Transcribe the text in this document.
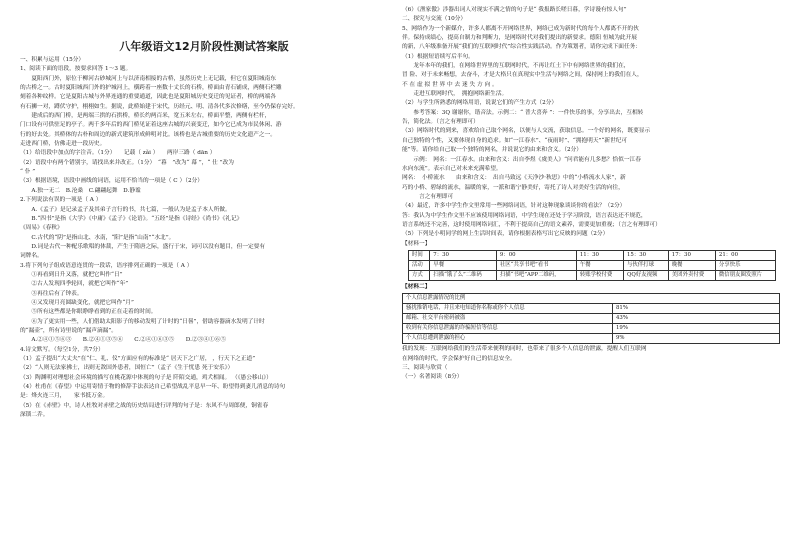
八年级语文12月阶段性测试答案版
一、积累与运用（15分）
1、阅读下面的语段，按要求回答 1～3 题。
　　夏阳西门外，原位于柳河古砂城河上与以济南相接的古桥，虽然历史上无记载，但它在夏阳城南东
的古桥之一。古时夏阳城西门外的护城河上，横跨着一座数十丈长的石桥，桥面由青石铺成，两侧石栏雕
刻着各种纹样。它是夏阳古城与外界连通的重要通道，因此也是夏阳城历史变迁的见证者，桥的两端各
有石狮一对，蹲伏守护，栩栩如生。据说，此桥始建于宋代，历经元、明、清各代多次修缮，至今仍保存完好。
　　建成后的西门桥，是两端三拱的石拱桥，桥长约两百米，宽五米左右，桥面平整，两侧有栏杆，
门口设有可供驻足的亭子。两千多年后的西门桥见证着这座古城的兴衰变迁，如今它已成为市民休闲、游
行的好去处。其桥体的古朴和周边的新式建筑形成鲜明对比。该桥也是古城重要的历史文化遗产之一。
走进西门桥，仿佛走进一段历史。
（1）给语段中加点的字注音。（1分）　　记载（ zǎi ）　　两岸三路（ dān ）
（2）语段中有两个错别字，请找出来并改正。（1分）　“暮　”改为“ 幕 ”，“ 仕 ”改为
“ 仆 ”
（3）根据语境，语段中画线的词语，运用不恰当的一项是（ C ）（2分）
　　A.独一无二　B.沧桑　C.翩翩起舞　D.静谧
2.下列说法有误的一项是（ A ）
　　A.《孟子》是记录孟子及其弟子言行的书，共七篇，一般认为是孟子本人所做。
　　B.“四书”是指《大学》《中庸》《孟子》《论语》。“五经”是指《诗经》《尚书》《礼记》
《周易》《春秋》
　　C.古代的“阴”是指山北、水南，“阳”是指“山南”“水北”。
　　D.词是古代一种配乐歌唱的体裁，产生于隋唐之际，盛行于宋，词可以没有题目，但一定要有
词牌名。
3.将下列句子组成语意连贯的一段话，语序排列正确的一项是（ A ）
　　①再看到日升又落，就把它叫作“日”
　　②古人发现四季轮回，就把它叫作“年”
　　③再往后有了钟表。
　　④又发现月亮圆缺变化，就把它叫作“月”
　　⑤所有这些都是你眼睁睁看到的正在走着的时间。
　　⑥为了更实用一些，人们借助太阳影子的移动发明了计时的“日晷”，借助容器滴水发明了计时
的“漏壶”，所有诗里说的“漏声滴漏”。
　　A.②④①⑤⑥③　　B.②④①③⑤⑥　　C.②④①⑥③⑤　　D.②③④①⑥⑤
4.诗文默写。（每空1分，共7分）
（1）孟子提出“大丈夫”在“仁、礼、仪”方面应有的标准是“ 居天下之广居， ，行天下之正道”
（2）“人则无法家拂士，出则无敌国外患者，国恒亡”（孟子《生于忧患 死于安乐》）
（3）陶渊明对理想社会环境的描写在桃花源中体现的句子是 阡陌交通，鸡犬相闻。 （《愚公移山》）
（4）杜甫在《春望》中运用寄情于物的修辞手法表达自己希望战乱平息早一年、盼望得到妻儿消息的诗句
是：烽火连三月，　　家书抵万金。
（5）在《赤壁》中，诗人杜牧对赤壁之战的历史结局进行评判的句子是：东风不与周郎便，铜雀春
深锁二乔。
（6）《渔家傲》涉器出词人对现实不满之情的句子是“ 我报路长嗟日暮，学诗谩有惊人句”
二、探究与交流（10分）
5、网络作为一个新媒介，许多人都离不开网络世界，网络已成为新时代的每个人都离不开的伙
伴。保持成绩心，提高自制力和判断力，是网络时代对我们提出的新要求。德阳 恒城为此开展
的新，八年级准备开展“我们的互联网时代”综合性实践活动。作为策划者，请你完成下面任务：
（1）根据短语续写后半句。
　　龙年本年的我们，在网络世界里的互联网时代，不再让红土下中有网络世界的我们在，
冒 险、对于未来畅想，去奋斗，才是大格只在真现实中生活与网络之间，保持网上的我们在人，
不 在 虚 拟 世 界 中 去 迷 失 方 向 。
　　走进互联网时代，　拥抱网络新生活。
（2）与学生所熟悉的网络用语，说说它们的产生方式（2分）
　　参考答案：3Q 谢谢你，谐音法。示例二：“ 普大喜奔 ”：一件快乐的事，分享出去，互相转
告，简化法。（言之有理即可）
（3）网络时代的到来，喜欢给自己取个网名，以便与人交流，获取信息。一个好的网名，既要显示
自己独特的个性，又要体现自身的追求。如“一江春水”、“夜雨时”、“拥抱明天”“新世纪可
能”等。请你给自己取一个独特的网名，并说说它的由来和含义。（2分）
　　示例：　网名：一江春水。由来和含义：出自李煜《虞美人》“问君能有几多愁？恰似一江春
水向东流”。表示自己对未来充满希望。
网名：　小桥流水　　由来和含义：　出自马致远《天净沙·秋思》中的“小桥流水人家”，新
巧的小桥、碧绿的流水，温暖的家，一派和谐宁静美好，寄托了诗人对美好生活的向往，
　　　言之有理即可　
（4）最近，许多中学生作文里常用一些网络词语，针对这种现象谈谈你的看法？（2分）
答：我认为中学生作文里不应该使用网络词语，中学生现在还处于学习阶段，语言表达还不规范，
语言系统还不完善，这时使用网络词汇，不利于提高自己的语文素养，需要更加重视；（言之有理即可）
（5）下列是小明同学的网上生活时间表，请你根据表格写出它反映的问题（2分）
【材料一】
时间	7：30	9：00	11：30	15：30	17：30	21：00
活动	早餐	社区“共享书吧”看书	午餐	与伙伴打球	晚餐	分享快乐
方式	扫描“饿了么”二维码	扫描“书吧”APP二维码，	转账学校付费	QQ好友视频	美团外卖付费	微信朋友圈发照片
【材料二】
个人信息泄露情况的比例	
骚扰推销电话，并且来电知道你名称或你个人信息	81%
邮箱、社交平台密码被盗	43%
收到有关你信息泄露的诈骗短信等信息	19%
个人信息遭到泄露的担心	9%
我的发现：互联网给我们的生活带来便利的同时，也带来了很多个人信息的泄露，提醒人们互联网
在网络的时代，学会保护好自己的信息安全。
三、阅读与欣赏（
（一）名著阅读（8分）
